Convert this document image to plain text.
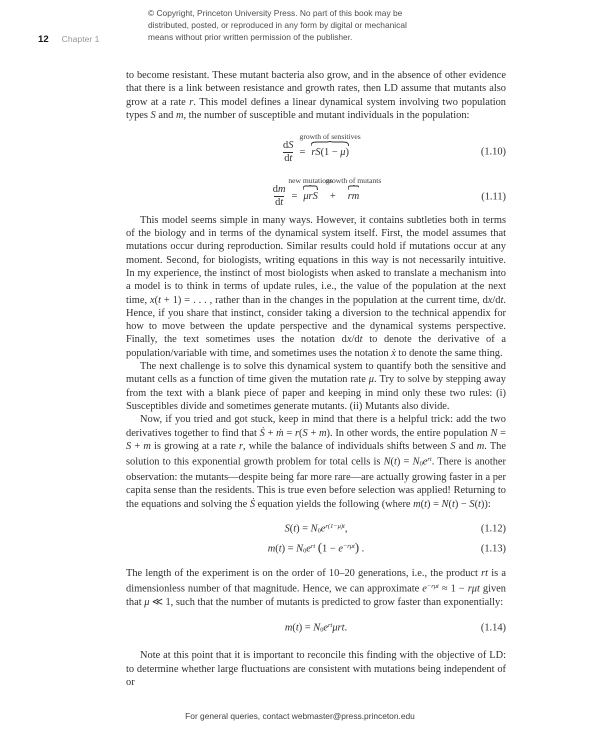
© Copyright, Princeton University Press. No part of this book may be
distributed, posted, or reproduced in any form by digital or mechanical
means without prior written permission of the publisher.
12 Chapter 1

to become resistant. These mutant bacteria also grow, and in the absence of other evidence that there is a link between resistance and growth rates, then LD assume that mutants also grow at a rate r. This model defines a linear dynamical system involving two population types S and m, the number of susceptible and mutant individuals in the population:

$\frac{dS}{dt}$ =
growth of sensitives
rS(1 − μ)	(1.10)
$\frac{dm}{dt}$ =
new mutations
μrS +
growth of mutants
rm	(1.11)

This model seems simple in many ways. However, it contains subtleties both in terms of the biology and in terms of the dynamical system itself. First, the model assumes that mutations occur during reproduction. Similar results could hold if mutations occur at any moment. Second, for biologists, writing equations in this way is not necessarily intuitive. In my experience, the instinct of most biologists when asked to translate a mechanism into a model is to think in terms of update rules, i.e., the value of the population at the next time, x(t + 1) = . . . , rather than in the changes in the population at the current time, dx/dt. Hence, if you share that instinct, consider taking a diversion to the technical appendix for how to move between the update perspective and the dynamical systems perspective. Finally, the text sometimes uses the notation dx/dt to denote the derivative of a population/variable with time, and sometimes uses the notation ẋ to denote the same thing.

The next challenge is to solve this dynamical system to quantify both the sensitive and mutant cells as a function of time given the mutation rate μ. Try to solve by stepping away from the text with a blank piece of paper and keeping in mind only these two rules: (i) Susceptibles divide and sometimes generate mutants. (ii) Mutants also divide.

Now, if you tried and got stuck, keep in mind that there is a helpful trick: add the two derivatives together to find that Ṡ + ṁ = r(S + m). In other words, the entire population N = S + m is growing at a rate r, while the balance of individuals shifts between S and m. The solution to this exponential growth problem for total cells is $N(t) = N0e^{rt}$. There is another observation: the mutants—despite being far more rare—are actually growing faster in a per capita sense than the residents. This is true even before selection was applied! Returning to the equations and solving the Ṡ equation yields the following (where m(t) = N(t) − S(t)):

$S(t) = N0e^{r(1-\mu)t}$,	(1.12)
$m(t) = N0e^{rt}$ $(1 - e^{-r\mu t})$ .	(1.13)

The length of the experiment is on the order of 10–20 generations, i.e., the product rt is a dimensionless number of that magnitude. Hence, we can approximate $e^{-r\mu t} \approx 1 - r\mu t$ given that μ ≪ 1, such that the number of mutants is predicted to grow faster than exponentially:

$m(t) = N0e^{rt}\mu rt$.	(1.14)

Note at this point that it is important to reconcile this finding with the objective of LD: to determine whether large fluctuations are consistent with mutations being independent of or

For general queries, contact webmaster@press.princeton.edu
